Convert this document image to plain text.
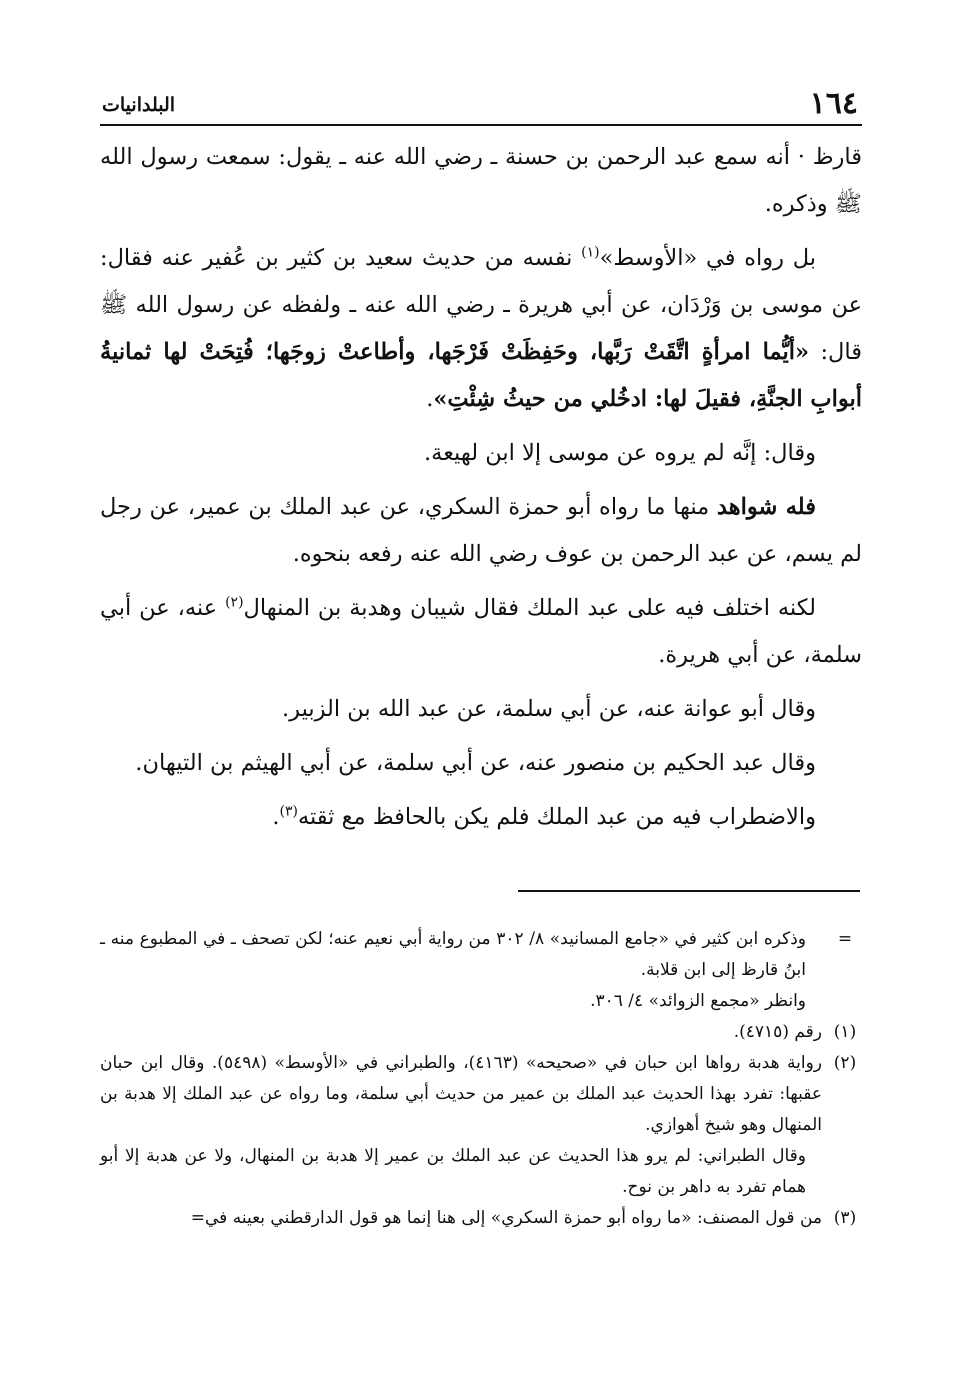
١٦٤
البلدانيات

قارظ · أنه سمع عبد الرحمن بن حسنة ـ رضي الله عنه ـ يقول: سمعت رسول الله ﷺ وذكره.

بل رواه في «الأوسط»$^{(١)}$ نفسه من حديث سعيد بن كثير بن عُفير عنه فقال: عن موسى بن وَرْدَان، عن أبي هريرة ـ رضي الله عنه ـ ولفظه عن رسول الله ﷺ قال: «أيُّما امرأةٍ اتَّقَتْ رَبَّها، وحَفِظَتْ فَرْجَها، وأطاعتْ زوجَها؛ فُتِحَتْ لها ثمانيةُ أبوابِ الجنَّةِ، فقيلَ لها: ادخُلي من حيثُ شِئْتِ».

وقال: إنَّه لم يروه عن موسى إلا ابن لهيعة.

فله شواهد منها ما رواه أبو حمزة السكري، عن عبد الملك بن عمير، عن رجل لم يسم، عن عبد الرحمن بن عوف رضي الله عنه رفعه بنحوه.

لكنه اختلف فيه على عبد الملك فقال شيبان وهدبة بن المنهال$^{(٢)}$ عنه، عن أبي سلمة، عن أبي هريرة.

وقال أبو عوانة عنه، عن أبي سلمة، عن عبد الله بن الزبير.

وقال عبد الحكيم بن منصور عنه، عن أبي سلمة، عن أبي الهيثم بن التيهان.

والاضطراب فيه من عبد الملك فلم يكن بالحافظ مع ثقته$^{(٣)}$.

=
وذكره ابن كثير في «جامع المسانيد» ٨/ ٣٠٢ من رواية أبي نعيم عنه؛ لكن تصحف ـ في المطبوع منه ـ ابنُ قارظ إلى ابن قلابة.
وانظر «مجمع الزوائد» ٤/ ٣٠٦.
(١)
رقم (٤٧١٥).
(٢)
رواية هدبة رواها ابن حبان في «صحيحه» (٤١٦٣)، والطبراني في «الأوسط» (٥٤٩٨). وقال ابن حبان عقبها: تفرد بهذا الحديث عبد الملك بن عمير من حديث أبي سلمة، وما رواه عن عبد الملك إلا هدبة بن المنهال وهو شيخ أهوازي.
وقال الطبراني: لم يرو هذا الحديث عن عبد الملك بن عمير إلا هدبة بن المنهال، ولا عن هدبة إلا أبو همام تفرد به داهر بن نوح.
(٣)
من قول المصنف: «ما رواه أبو حمزة السكري» إلى هنا إنما هو قول الدارقطني بعينه في=
